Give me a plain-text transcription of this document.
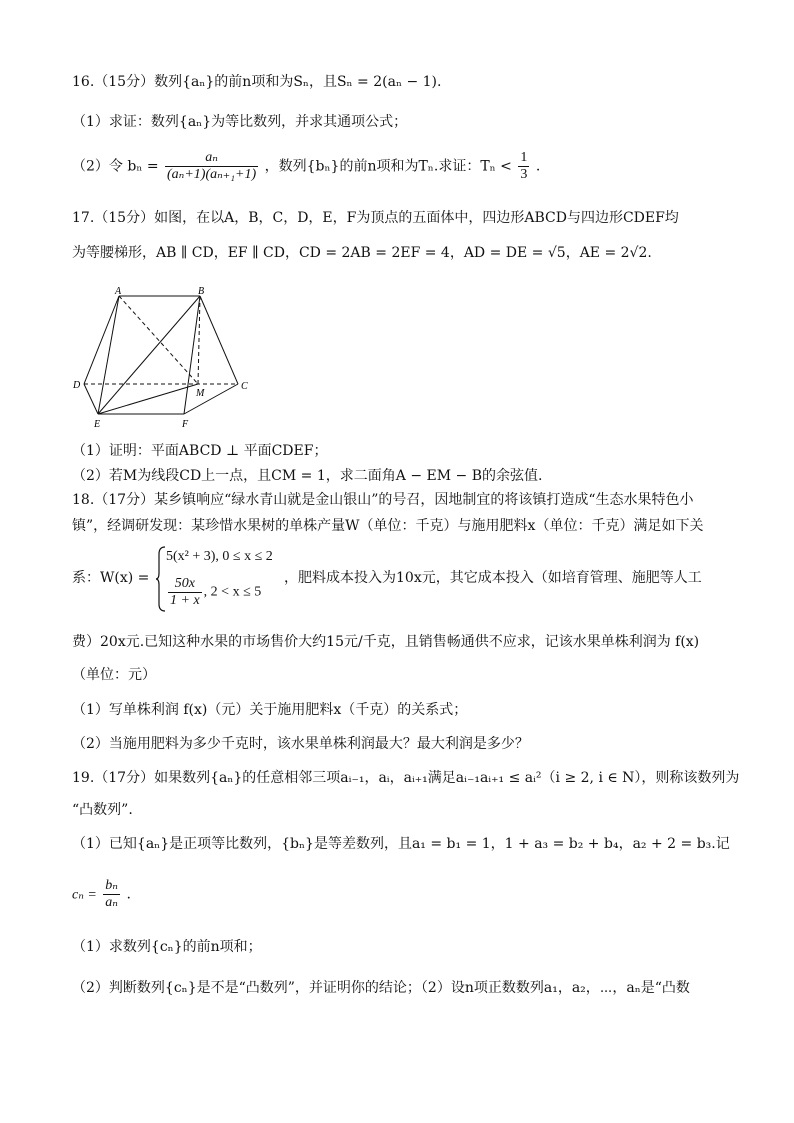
16.（15分）数列{aₙ}的前n项和为Sₙ，且Sₙ = 2(aₙ − 1).
（1）求证：数列{aₙ}为等比数列，并求其通项公式；
（2）令 $b_n = \frac{\text{aₙ}}{\text{(aₙ+1)(aₙ₊₁+1)}}$ ，数列{bₙ}的前n项和为Tₙ.求证：$T_n < \frac{1}{3}$ .
17.（15分）如图，在以A，B，C，D，E，F为顶点的五面体中，四边形ABCD与四边形CDEF均
为等腰梯形，AB ∥ CD，EF ∥ CD，CD = 2AB = 2EF = 4，AD = DE = √5，AE = 2√2.
A	B
D	C
M
E	F
（1）证明：平面ABCD ⊥ 平面CDEF；
（2）若M为线段CD上一点，且CM = 1，求二面角A − EM − B的余弦值.
18.（17分）某乡镇响应“绿水青山就是金山银山”的号召，因地制宜的将该镇打造成“生态水果特色小
镇”，经调研发现：某珍惜水果树的单株产量W（单位：千克）与施用肥料x（单位：千克）满足如下关
系：W(x) =
5(x² + 3), 0 ≤ x ≤ 2
$\frac{50x}{1 + x}$ , 2 < x ≤ 5
，肥料成本投入为10x元，其它成本投入（如培育管理、施肥等人工
费）20x元.已知这种水果的市场售价大约15元/千克，且销售畅通供不应求，记该水果单株利润为 f(x)
（单位：元）
（1）写单株利润 f(x)（元）关于施用肥料x（千克）的关系式；
（2）当施用肥料为多少千克时，该水果单株利润最大？最大利润是多少？
19.（17分）如果数列{aₙ}的任意相邻三项aᵢ₋₁，aᵢ，aᵢ₊₁满足aᵢ₋₁aᵢ₊₁ ≤ aᵢ²（i ≥ 2, i ∈ N），则称该数列为
“凸数列”.
（1）已知{aₙ}是正项等比数列，{bₙ}是等差数列，且a₁ = b₁ = 1，1 + a₃ = b₂ + b₄，a₂ + 2 = b₃.记
$c_n = \frac{\text{bₙ}}{\text{aₙ}}$ .
（1）求数列{cₙ}的前n项和；
（2）判断数列{cₙ}是不是“凸数列”，并证明你的结论；（2）设n项正数数列a₁，a₂，⋯，aₙ是“凸数
